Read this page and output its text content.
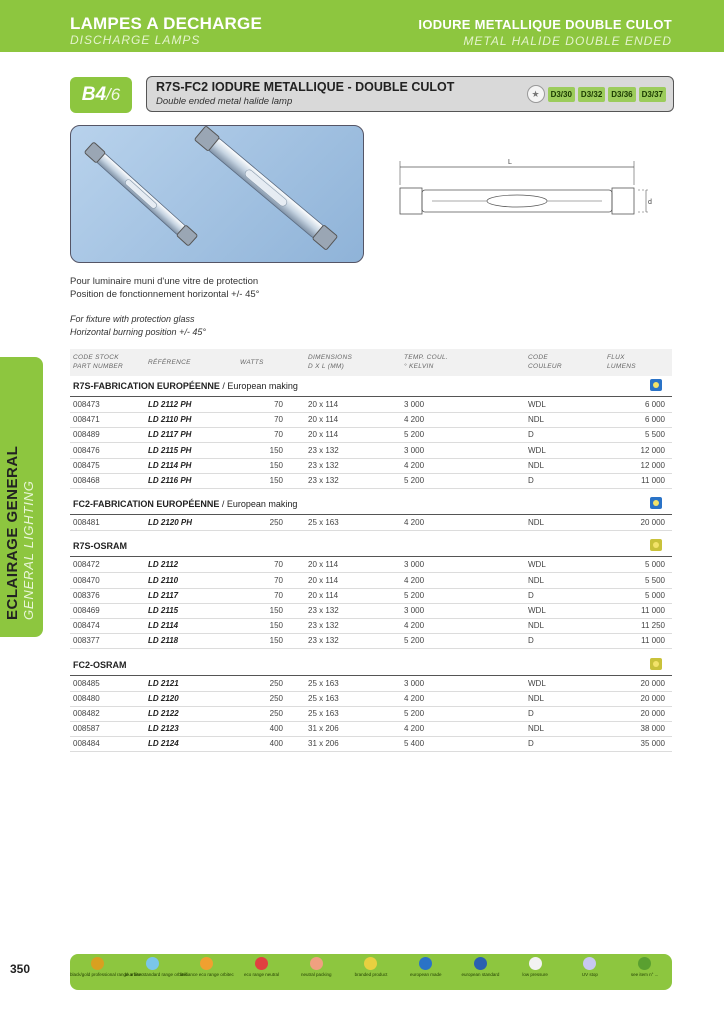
LAMPES A DECHARGE
DISCHARGE LAMPS
IODURE METALLIQUE DOUBLE CULOT
METAL HALIDE DOUBLE ENDED
B4 /6	R7S-FC2 IODURE METALLIQUE - DOUBLE CULOT
Double ended metal halide lamp
★	D3/30	D3/32	D3/36	D3/37
L
d
Pour luminaire muni d'une vitre de protection
Position de fonctionnement horizontal +/- 45°
For fixture with protection glass
Horizontal burning position +/- 45°
ECLAIRAGE GENERAL GENERAL LIGHTING
CODE STOCK
PART NUMBER
RÉFÉRENCE	WATTS
DIMENSIONS
D X L (MM)
TEMP. COUL.
° KELVIN
CODE
COULEUR
FLUX
LUMENS
R7S-FABRICATION EUROPÉENNE / European making
008473	LD 2112 PH	70	20 x 114	3 000	WDL	6 000
008471	LD 2110 PH	70	20 x 114	4 200	NDL	6 000
008489	LD 2117 PH	70	20 x 114	5 200	D	5 500
008476	LD 2115 PH	150	23 x 132	3 000	WDL	12 000
008475	LD 2114 PH	150	23 x 132	4 200	NDL	12 000
008468	LD 2116 PH	150	23 x 132	5 200	D	11 000
FC2-FABRICATION EUROPÉENNE / European making
008481	LD 2120 PH	250	25 x 163	4 200	NDL	20 000
R7S-OSRAM
008472	LD 2112	70	20 x 114	3 000	WDL	5 000
008470	LD 2110	70	20 x 114	4 200	NDL	5 500
008376	LD 2117	70	20 x 114	5 200	D	5 000
008469	LD 2115	150	23 x 132	3 000	WDL	11 000
008474	LD 2114	150	23 x 132	4 200	NDL	11 250
008377	LD 2118	150	23 x 132	5 200	D	11 000
FC2-OSRAM
008485	LD 2121	250	25 x 163	3 000	WDL	20 000
008480	LD 2120	250	25 x 163	4 200	NDL	20 000
008482	LD 2122	250	25 x 163	5 200	D	20 000
008587	LD 2123	400	31 x 206	4 200	NDL	38 000
008484	LD 2124	400	31 x 206	5 400	D	35 000
350	black/gold professional range orbitec
blue line standard range orbitec
brilliance eco range orbitec	eco range neutral	neutral packing	branded product	european made	european standard	low pressure	UV stop	see item n° ...
